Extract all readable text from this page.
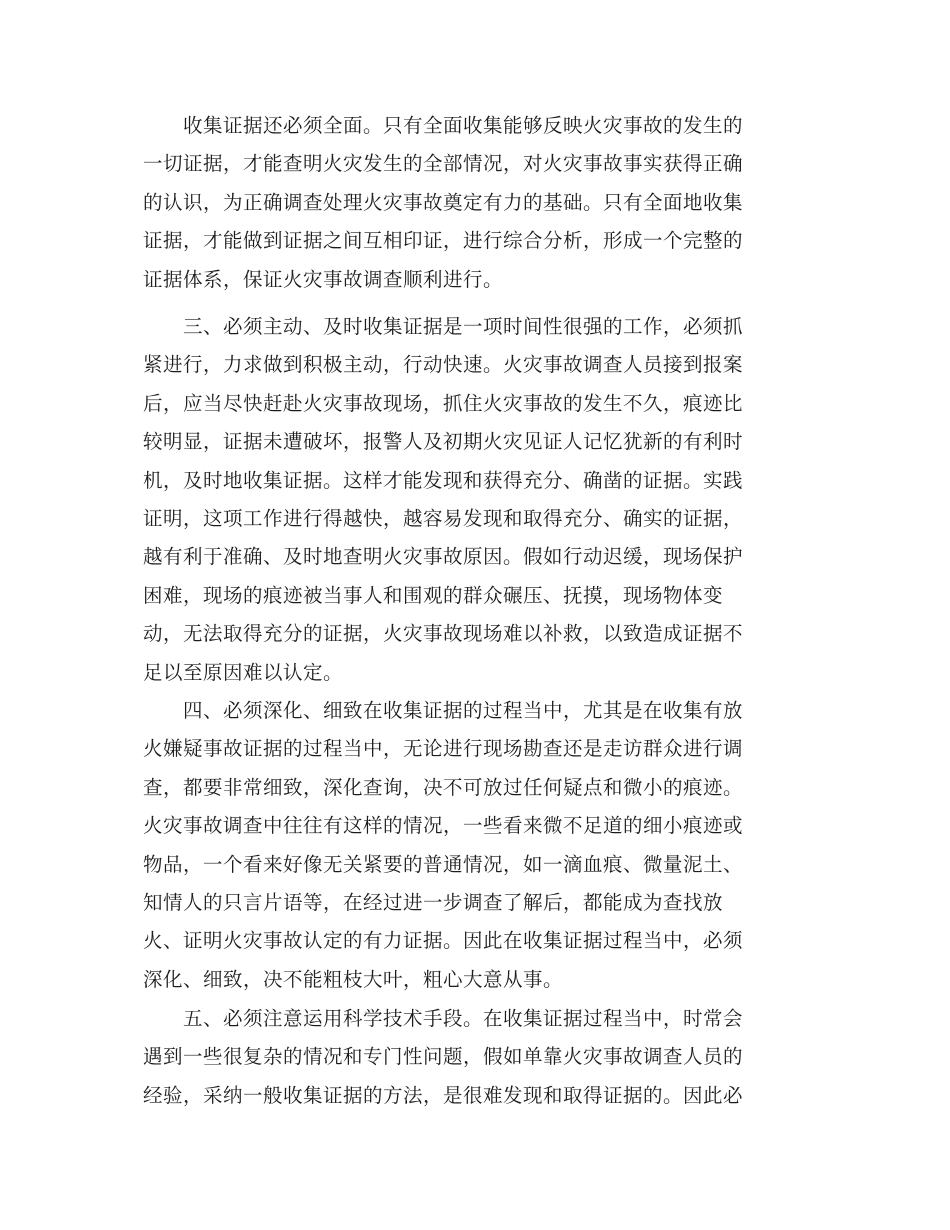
　　收集证据还必须全面。只有全面收集能够反映火灾事故的发生的
一切证据，才能查明火灾发生的全部情况，对火灾事故事实获得正确
的认识，为正确调查处理火灾事故奠定有力的基础。只有全面地收集
证据，才能做到证据之间互相印证，进行综合分析，形成一个完整的
证据体系，保证火灾事故调查顺利进行。
　　三、必须主动、及时收集证据是一项时间性很强的工作，必须抓
紧进行，力求做到积极主动，行动快速。火灾事故调查人员接到报案
后，应当尽快赶赴火灾事故现场，抓住火灾事故的发生不久，痕迹比
较明显，证据未遭破坏，报警人及初期火灾见证人记忆犹新的有利时
机，及时地收集证据。这样才能发现和获得充分、确凿的证据。实践
证明，这项工作进行得越快，越容易发现和取得充分、确实的证据，
越有利于准确、及时地查明火灾事故原因。假如行动迟缓，现场保护
困难，现场的痕迹被当事人和围观的群众碾压、抚摸，现场物体变
动，无法取得充分的证据，火灾事故现场难以补救，以致造成证据不
足以至原因难以认定。
　　四、必须深化、细致在收集证据的过程当中，尤其是在收集有放
火嫌疑事故证据的过程当中，无论进行现场勘查还是走访群众进行调
查，都要非常细致，深化查询，决不可放过任何疑点和微小的痕迹。
火灾事故调查中往往有这样的情况，一些看来微不足道的细小痕迹或
物品，一个看来好像无关紧要的普通情况，如一滴血痕、微量泥土、
知情人的只言片语等，在经过进一步调查了解后，都能成为查找放
火、证明火灾事故认定的有力证据。因此在收集证据过程当中，必须
深化、细致，决不能粗枝大叶，粗心大意从事。
　　五、必须注意运用科学技术手段。在收集证据过程当中，时常会
遇到一些很复杂的情况和专门性问题，假如单靠火灾事故调查人员的
经验，采纳一般收集证据的方法，是很难发现和取得证据的。因此必
